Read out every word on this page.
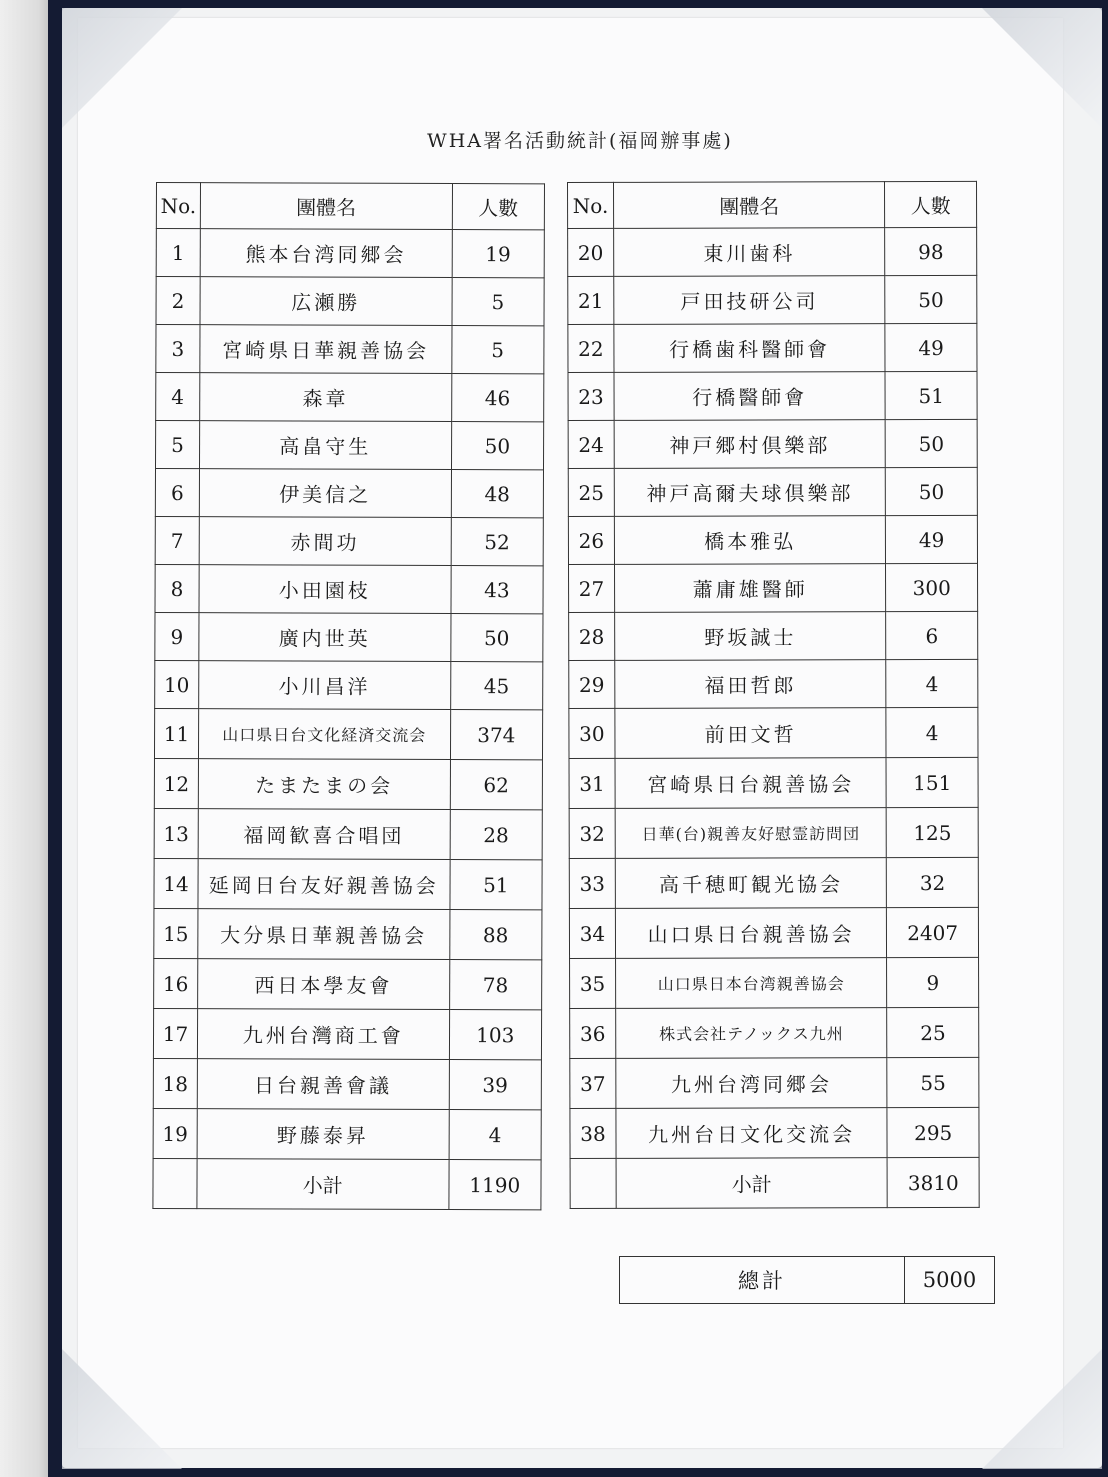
WHA署名活動統計(福岡辦事處)
No.	團體名	人數
1	熊本台湾同郷会	19
2	広瀬勝	5
3	宮崎県日華親善協会	5
4	森章	46
5	高畠守生	50
6	伊美信之	48
7	赤間功	52
8	小田園枝	43
9	廣内世英	50
10	小川昌洋	45
11	山口県日台文化経済交流会	374
12	たまたまの会	62
13	福岡歓喜合唱団	28
14	延岡日台友好親善協会	51
15	大分県日華親善協会	88
16	西日本學友會	78
17	九州台灣商工會	103
18	日台親善會議	39
19	野藤泰昇	4
	小計	1190
No.	團體名	人數
20	東川歯科	98
21	戸田技研公司	50
22	行橋歯科醫師會	49
23	行橋醫師會	51
24	神戸郷村倶樂部	50
25	神戸高爾夫球倶樂部	50
26	橋本雅弘	49
27	蕭庸雄醫師	300
28	野坂誠士	6
29	福田哲郎	4
30	前田文哲	4
31	宮崎県日台親善協会	151
32	日華(台)親善友好慰霊訪問団	125
33	高千穂町観光協会	32
34	山口県日台親善協会	2407
35	山口県日本台湾親善協会	9
36	株式会社テノックス九州	25
37	九州台湾同郷会	55
38	九州台日文化交流会	295
	小計	3810
總計	5000
